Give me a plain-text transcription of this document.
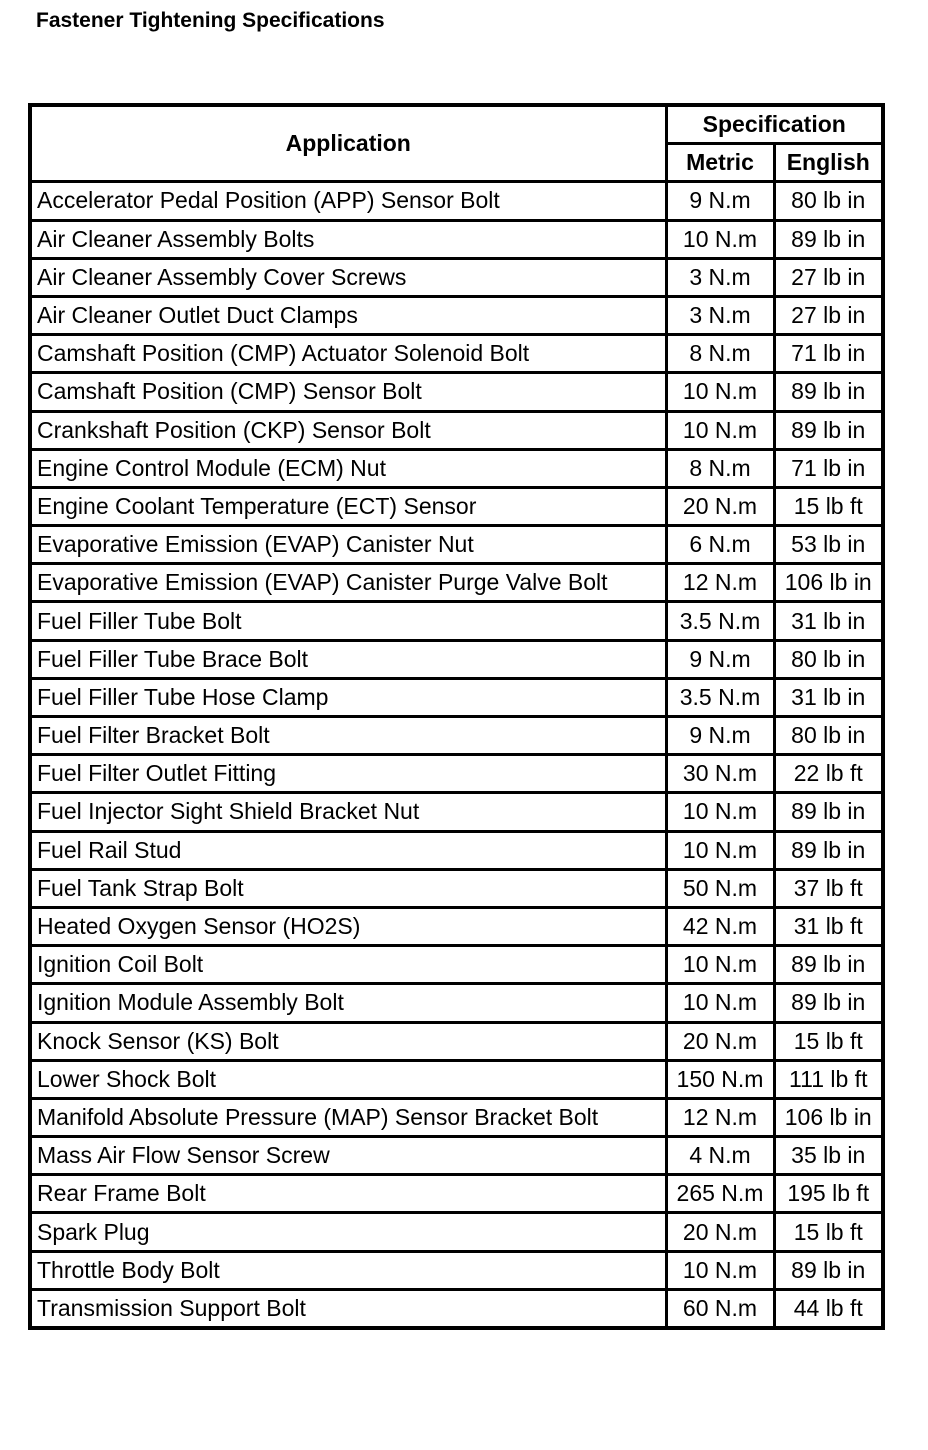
Fastener Tightening Specifications
Application	Specification	
	Metric	English
Accelerator Pedal Position (APP) Sensor Bolt	9 N.m	80 lb in
Air Cleaner Assembly Bolts	10 N.m	89 lb in
Air Cleaner Assembly Cover Screws	3 N.m	27 lb in
Air Cleaner Outlet Duct Clamps	3 N.m	27 lb in
Camshaft Position (CMP) Actuator Solenoid Bolt	8 N.m	71 lb in
Camshaft Position (CMP) Sensor Bolt	10 N.m	89 lb in
Crankshaft Position (CKP) Sensor Bolt	10 N.m	89 lb in
Engine Control Module (ECM) Nut	8 N.m	71 lb in
Engine Coolant Temperature (ECT) Sensor	20 N.m	15 lb ft
Evaporative Emission (EVAP) Canister Nut	6 N.m	53 lb in
Evaporative Emission (EVAP) Canister Purge Valve Bolt	12 N.m	106 lb in
Fuel Filler Tube Bolt	3.5 N.m	31 lb in
Fuel Filler Tube Brace Bolt	9 N.m	80 lb in
Fuel Filler Tube Hose Clamp	3.5 N.m	31 lb in
Fuel Filter Bracket Bolt	9 N.m	80 lb in
Fuel Filter Outlet Fitting	30 N.m	22 lb ft
Fuel Injector Sight Shield Bracket Nut	10 N.m	89 lb in
Fuel Rail Stud	10 N.m	89 lb in
Fuel Tank Strap Bolt	50 N.m	37 lb ft
Heated Oxygen Sensor (HO2S)	42 N.m	31 lb ft
Ignition Coil Bolt	10 N.m	89 lb in
Ignition Module Assembly Bolt	10 N.m	89 lb in
Knock Sensor (KS) Bolt	20 N.m	15 lb ft
Lower Shock Bolt	150 N.m	111 lb ft
Manifold Absolute Pressure (MAP) Sensor Bracket Bolt	12 N.m	106 lb in
Mass Air Flow Sensor Screw	4 N.m	35 lb in
Rear Frame Bolt	265 N.m	195 lb ft
Spark Plug	20 N.m	15 lb ft
Throttle Body Bolt	10 N.m	89 lb in
Transmission Support Bolt	60 N.m	44 lb ft
